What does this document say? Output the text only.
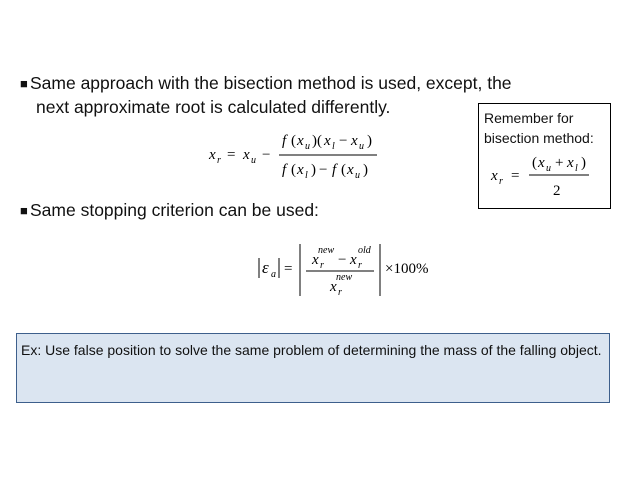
■ Same approach with the bisection method is used, except, the
next approximate root is calculated differently.
x r = x u −
f ( x u )( x l − x u )
f ( x l ) − f ( x u )
Remember for
bisection method:
x r =
( x u + x l )
2
■ Same stopping criterion can be used:
ε a =
x r
new
− x r
old
x r
new
×100%
Ex: Use false position to solve the same problem of determining the mass of the falling object.
